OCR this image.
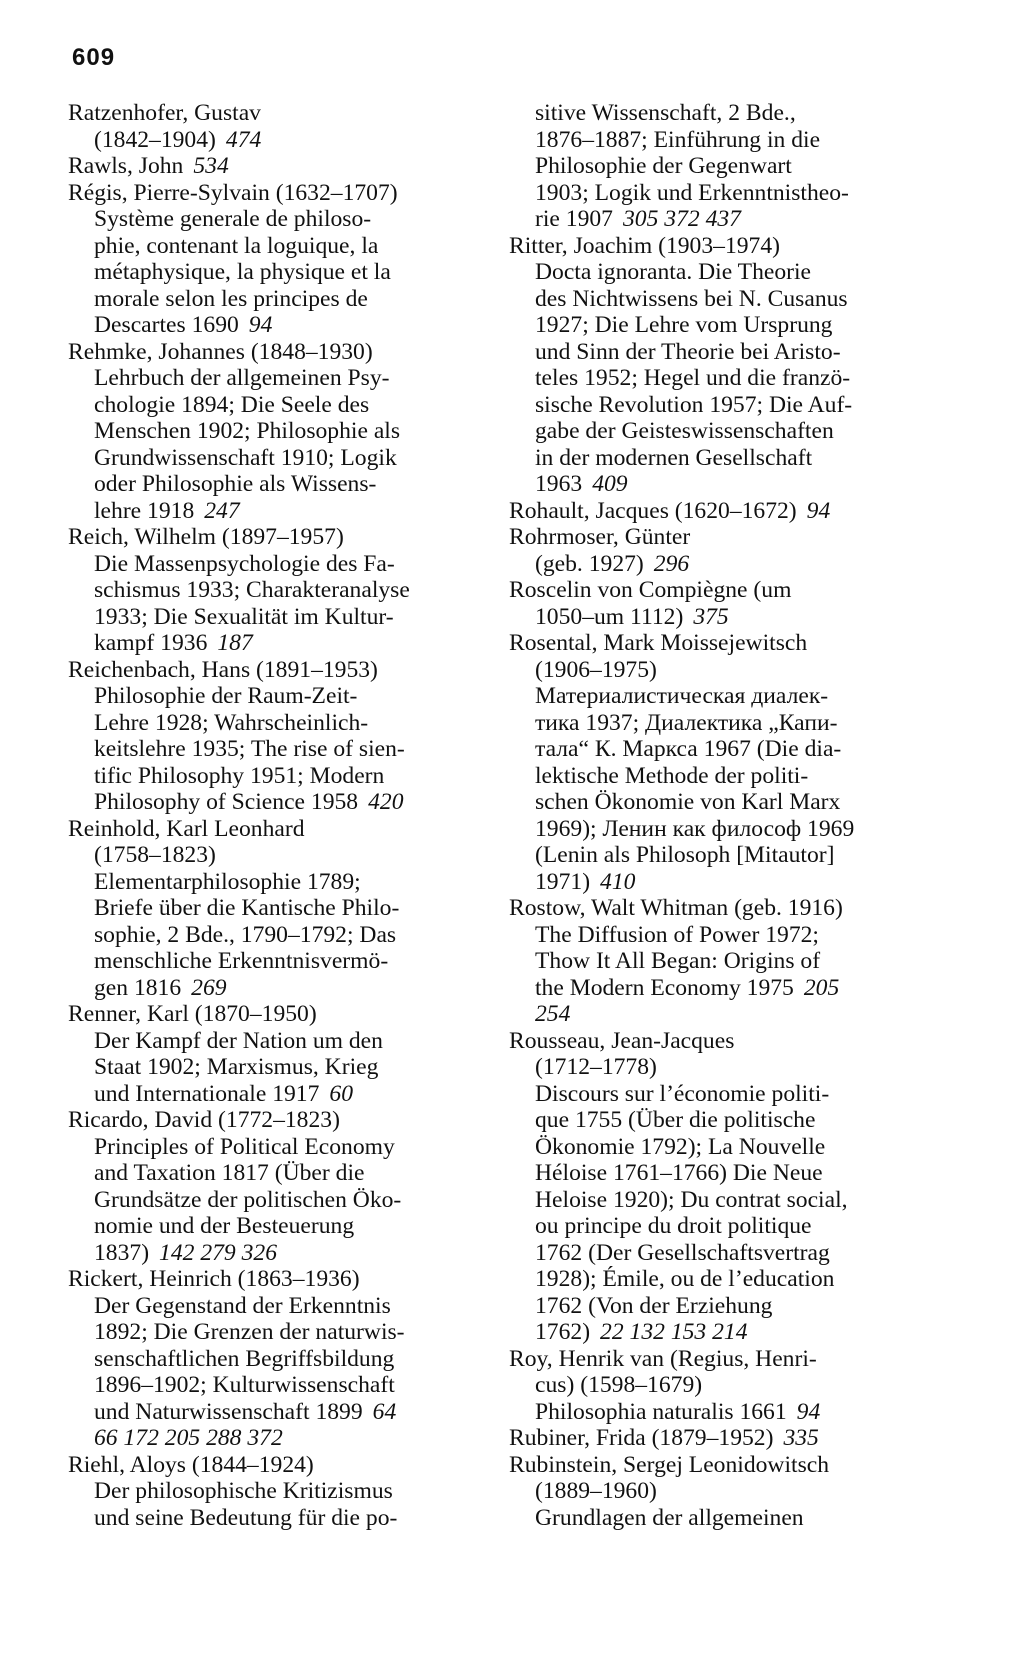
609
Ratzenhofer, Gustav
(1842–1904) 474
Rawls, John 534
Régis, Pierre-Sylvain (1632–1707)
Système generale de philoso-
phie, contenant la loguique, la
métaphysique, la physique et la
morale selon les principes de
Descartes 1690 94
Rehmke, Johannes (1848–1930)
Lehrbuch der allgemeinen Psy-
chologie 1894; Die Seele des
Menschen 1902; Philosophie als
Grundwissenschaft 1910; Logik
oder Philosophie als Wissens-
lehre 1918 247
Reich, Wilhelm (1897–1957)
Die Massenpsychologie des Fa-
schismus 1933; Charakteranalyse
1933; Die Sexualität im Kultur-
kampf 1936 187
Reichenbach, Hans (1891–1953)
Philosophie der Raum-Zeit-
Lehre 1928; Wahrscheinlich-
keitslehre 1935; The rise of sien-
tific Philosophy 1951; Modern
Philosophy of Science 1958 420
Reinhold, Karl Leonhard
(1758–1823)
Elementarphilosophie 1789;
Briefe über die Kantische Philo-
sophie, 2 Bde., 1790–1792; Das
menschliche Erkenntnisvermö-
gen 1816 269
Renner, Karl (1870–1950)
Der Kampf der Nation um den
Staat 1902; Marxismus, Krieg
und Internationale 1917 60
Ricardo, David (1772–1823)
Principles of Political Economy
and Taxation 1817 (Über die
Grundsätze der politischen Öko-
nomie und der Besteuerung
1837) 142 279 326
Rickert, Heinrich (1863–1936)
Der Gegenstand der Erkenntnis
1892; Die Grenzen der naturwis-
senschaftlichen Begriffsbildung
1896–1902; Kulturwissenschaft
und Naturwissenschaft 1899 64
66 172 205 288 372
Riehl, Aloys (1844–1924)
Der philosophische Kritizismus
und seine Bedeutung für die po-
sitive Wissenschaft, 2 Bde.,
1876–1887; Einführung in die
Philosophie der Gegenwart
1903; Logik und Erkenntnistheo-
rie 1907 305 372 437
Ritter, Joachim (1903–1974)
Docta ignoranta. Die Theorie
des Nichtwissens bei N. Cusanus
1927; Die Lehre vom Ursprung
und Sinn der Theorie bei Aristo-
teles 1952; Hegel und die franzö-
sische Revolution 1957; Die Auf-
gabe der Geisteswissenschaften
in der modernen Gesellschaft
1963 409
Rohault, Jacques (1620–1672) 94
Rohrmoser, Günter
(geb. 1927) 296
Roscelin von Compiègne (um
1050–um 1112) 375
Rosental, Mark Moissejewitsch
(1906–1975)
Материалистическая диалек-
тика 1937; Диалектика „Капи-
тала“ К. Маркса 1967 (Die dia-
lektische Methode der politi-
schen Ökonomie von Karl Marx
1969); Ленин как философ 1969
(Lenin als Philosoph [Mitautor]
1971) 410
Rostow, Walt Whitman (geb. 1916)
The Diffusion of Power 1972;
Thow It All Began: Origins of
the Modern Economy 1975 205
254
Rousseau, Jean-Jacques
(1712–1778)
Discours sur l’économie politi-
que 1755 (Über die politische
Ökonomie 1792); La Nouvelle
Héloise 1761–1766) Die Neue
Heloise 1920); Du contrat social,
ou principe du droit politique
1762 (Der Gesellschaftsvertrag
1928); Émile, ou de l’education
1762 (Von der Erziehung
1762) 22 132 153 214
Roy, Henrik van (Regius, Henri-
cus) (1598–1679)
Philosophia naturalis 1661 94
Rubiner, Frida (1879–1952) 335
Rubinstein, Sergej Leonidowitsch
(1889–1960)
Grundlagen der allgemeinen
